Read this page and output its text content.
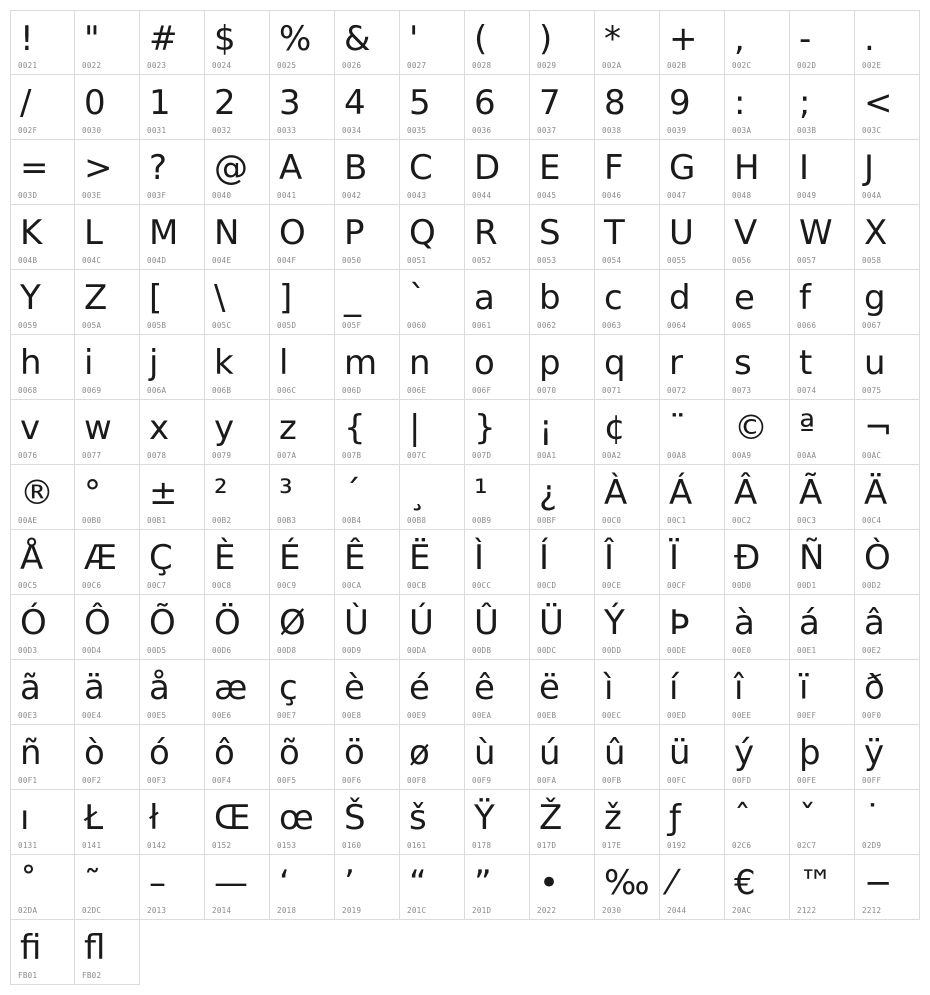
!
0021
"
0022
#
0023
$
0024
%
0025
&
0026
'
0027
(
0028
)
0029
*
002A
+
002B
,
002C
-
002D
.
002E
/
002F
0
0030
1
0031
2
0032
3
0033
4
0034
5
0035
6
0036
7
0037
8
0038
9
0039
:
003A
;
003B
<
003C
=
003D
>
003E
?
003F
@
0040
A
0041
B
0042
C
0043
D
0044
E
0045
F
0046
G
0047
H
0048
I
0049
J
004A
K
004B
L
004C
M
004D
N
004E
O
004F
P
0050
Q
0051
R
0052
S
0053
T
0054
U
0055
V
0056
W
0057
X
0058
Y
0059
Z
005A
[
005B
\
005C
]
005D
_
005F
`
0060
a
0061
b
0062
c
0063
d
0064
e
0065
f
0066
g
0067
h
0068
i
0069
j
006A
k
006B
l
006C
m
006D
n
006E
o
006F
p
0070
q
0071
r
0072
s
0073
t
0074
u
0075
v
0076
w
0077
x
0078
y
0079
z
007A
{
007B
|
007C
}
007D
¡
00A1
¢
00A2
¨
00A8
©
00A9
ª
00AA
¬
00AC
®
00AE
°
00B0
±
00B1
²
00B2
³
00B3
´
00B4
¸
00B8
¹
00B9
¿
00BF
À
00C0
Á
00C1
Â
00C2
Ã
00C3
Ä
00C4
Å
00C5
Æ
00C6
Ç
00C7
È
00C8
É
00C9
Ê
00CA
Ë
00CB
Ì
00CC
Í
00CD
Î
00CE
Ï
00CF
Ð
00D0
Ñ
00D1
Ò
00D2
Ó
00D3
Ô
00D4
Õ
00D5
Ö
00D6
Ø
00D8
Ù
00D9
Ú
00DA
Û
00DB
Ü
00DC
Ý
00DD
Þ
00DE
à
00E0
á
00E1
â
00E2
ã
00E3
ä
00E4
å
00E5
æ
00E6
ç
00E7
è
00E8
é
00E9
ê
00EA
ë
00EB
ì
00EC
í
00ED
î
00EE
ï
00EF
ð
00F0
ñ
00F1
ò
00F2
ó
00F3
ô
00F4
õ
00F5
ö
00F6
ø
00F8
ù
00F9
ú
00FA
û
00FB
ü
00FC
ý
00FD
þ
00FE
ÿ
00FF
ı
0131
Ł
0141
ł
0142
Œ
0152
œ
0153
Š
0160
š
0161
Ÿ
0178
Ž
017D
ž
017E
ƒ
0192
ˆ
02C6
ˇ
02C7
˙
02D9
˚
02DA
˜
02DC
–
2013
—
2014
‘
2018
’
2019
“
201C
”
201D
•
2022
‰
2030
⁄
2044
€
20AC
™
2122
−
2212
ﬁ
FB01
ﬂ
FB02
